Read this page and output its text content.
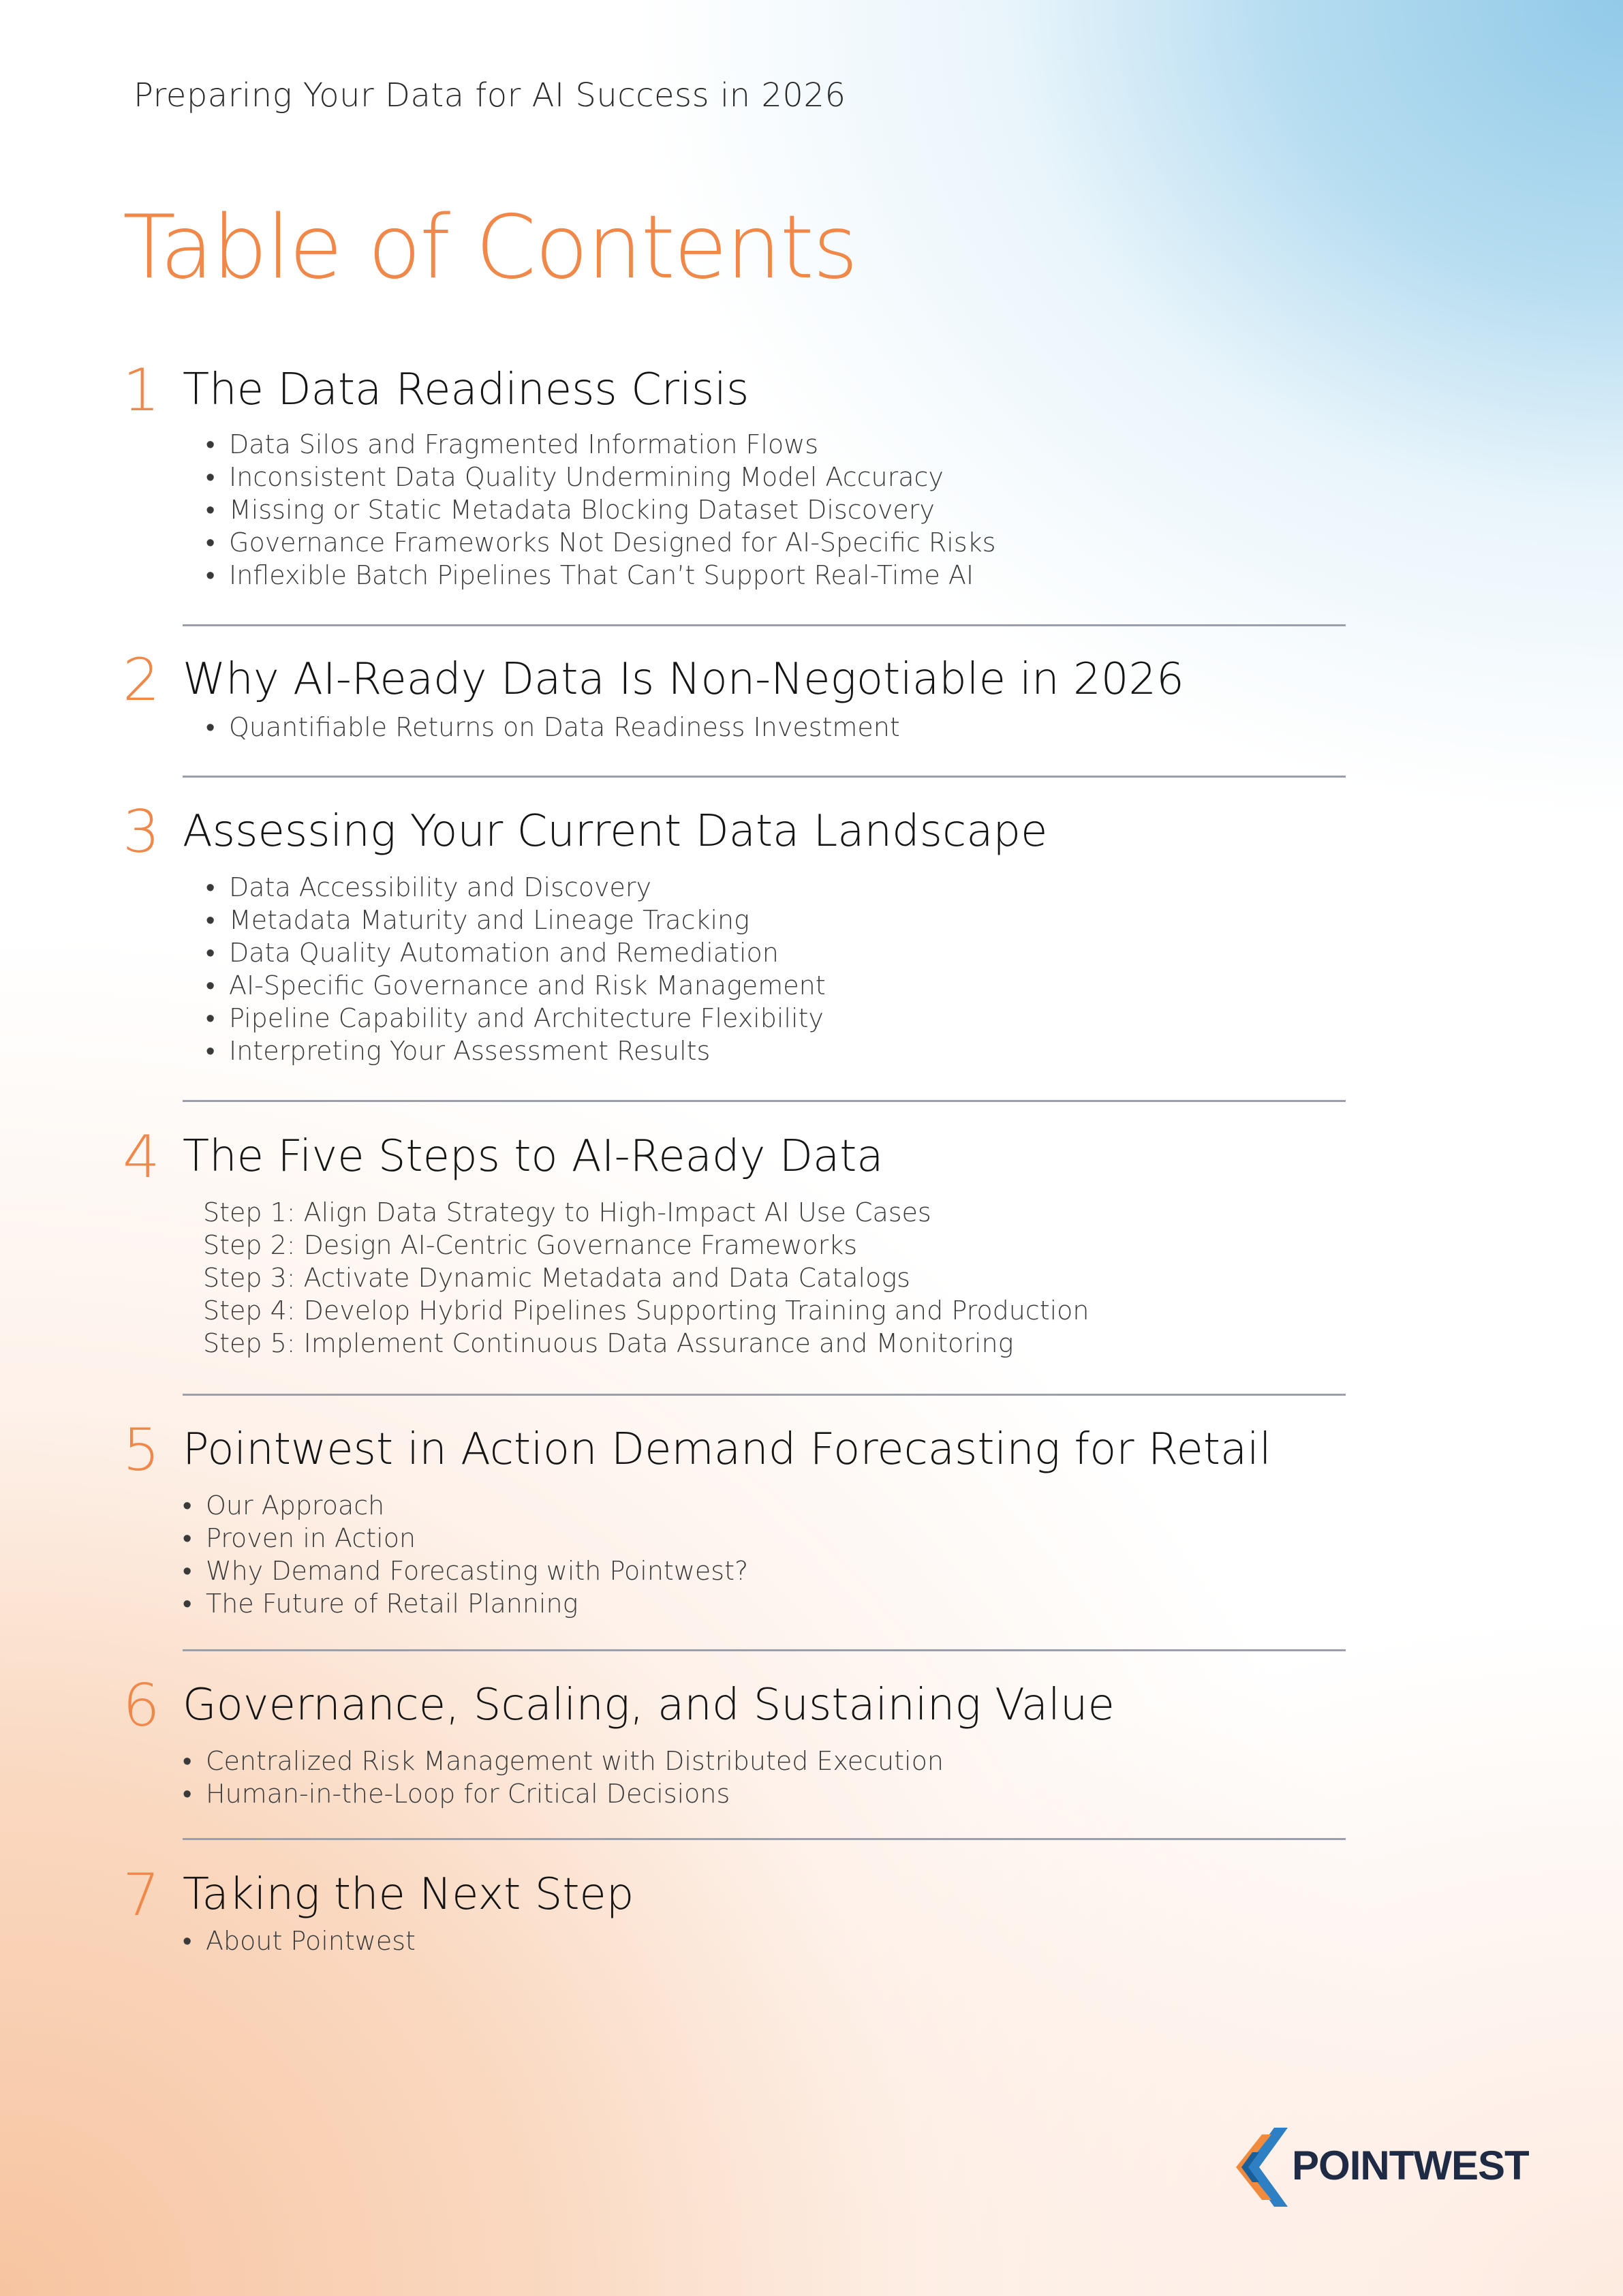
Preparing Your Data for AI Success in 2026
Table of Contents
1 The Data Readiness Crisis
• Data Silos and Fragmented Information Flows
• Inconsistent Data Quality Undermining Model Accuracy
• Missing or Static Metadata Blocking Dataset Discovery
• Governance Frameworks Not Designed for AI-Specific Risks
• Inflexible Batch Pipelines That Can’t Support Real-Time AI
2 Why AI-Ready Data Is Non-Negotiable in 2026
• Quantifiable Returns on Data Readiness Investment
3 Assessing Your Current Data Landscape
• Data Accessibility and Discovery
• Metadata Maturity and Lineage Tracking
• Data Quality Automation and Remediation
• AI-Specific Governance and Risk Management
• Pipeline Capability and Architecture Flexibility
• Interpreting Your Assessment Results
4 The Five Steps to AI-Ready Data
Step 1: Align Data Strategy to High-Impact AI Use Cases
Step 2: Design AI-Centric Governance Frameworks
Step 3: Activate Dynamic Metadata and Data Catalogs
Step 4: Develop Hybrid Pipelines Supporting Training and Production
Step 5: Implement Continuous Data Assurance and Monitoring
5 Pointwest in Action Demand Forecasting for Retail
• Our Approach
• Proven in Action
• Why Demand Forecasting with Pointwest?
• The Future of Retail Planning
6 Governance, Scaling, and Sustaining Value
• Centralized Risk Management with Distributed Execution
• Human-in-the-Loop for Critical Decisions
7 Taking the Next Step
• About Pointwest
POINTWEST
